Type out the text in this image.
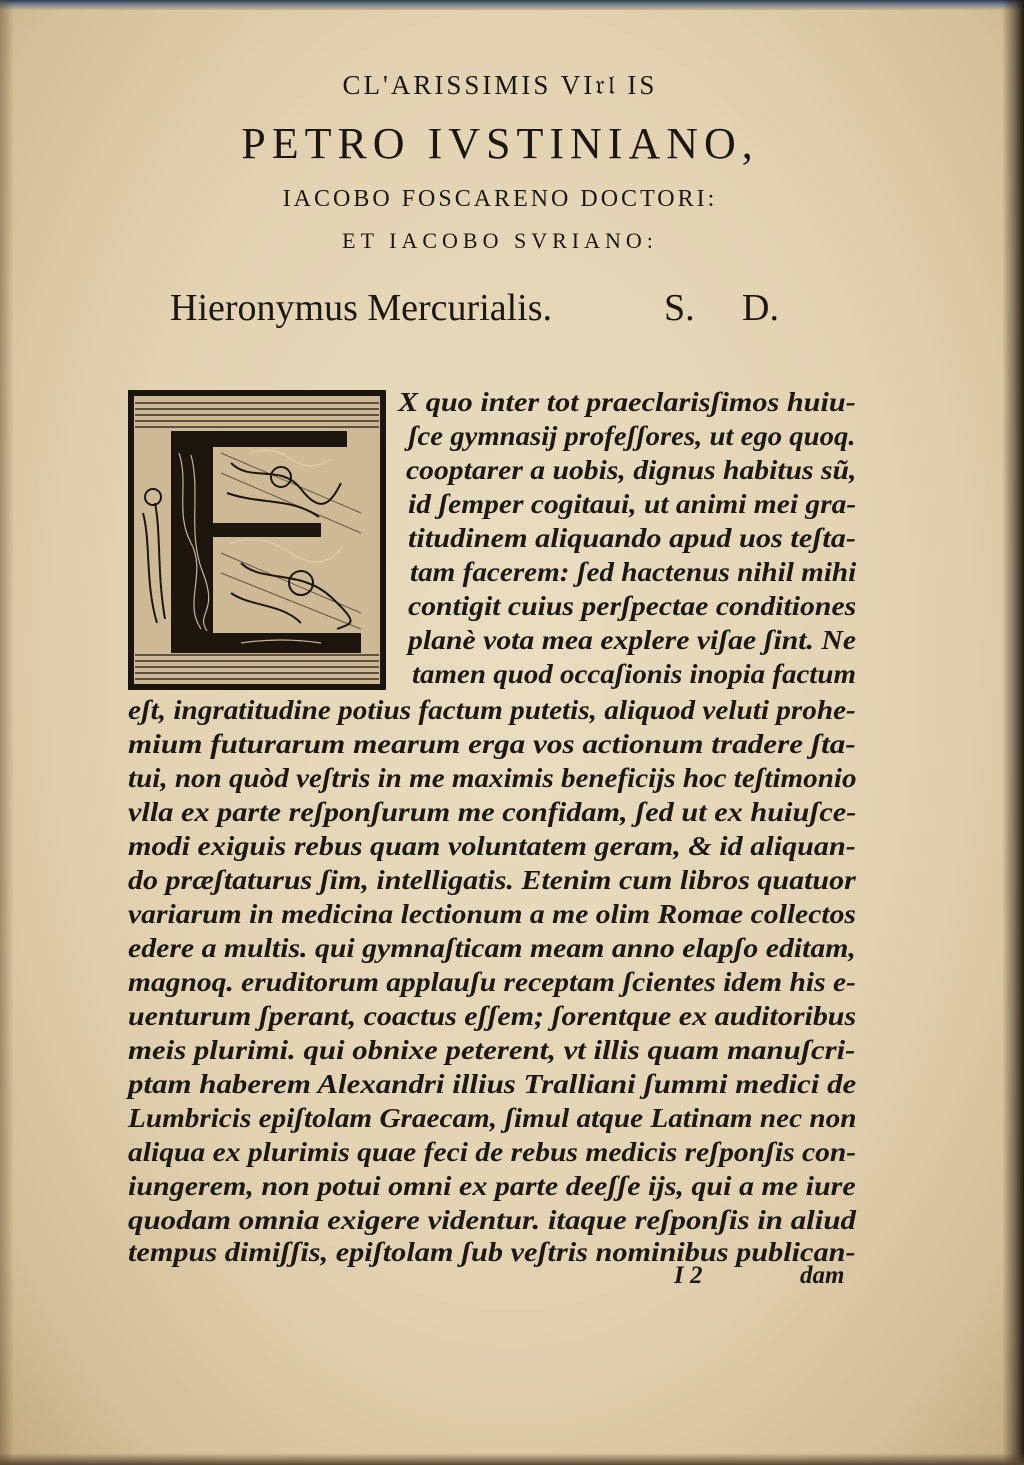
CL'ARISSIMIS VI𝔯𝔩 IS
PETRO IVSTINIANO,
IACOBO FOSCARENO DOCTORI:
ET IACOBO SVRIANO:
Hieronymus Mercurialis.	S. D.
X quo inter tot praeclarisʃimos huiu-
ʃce gymnasij profeʃʃores, ut ego quoq.
cooptarer a uobis, dignus habitus sũ,
id ʃemper cogitaui, ut animi mei gra-
titudinem aliquando apud uos teʃta-
tam facerem: ʃed hactenus nihil mihi
contigit cuius perʃpectae conditiones
planè vota mea explere viʃae ʃint. Ne
tamen quod occaʃionis inopia factum
eʃt, ingratitudine potius factum putetis, aliquod veluti prohe-
mium futurarum mearum erga vos actionum tradere ʃta-
tui, non quòd veʃtris in me maximis beneficijs hoc teʃtimonio
vlla ex parte reʃponʃurum me confidam, ʃed ut ex huiuʃce-
modi exiguis rebus quam voluntatem geram, & id aliquan-
do præʃtaturus ʃim, intelligatis. Etenim cum libros quatuor
variarum in medicina lectionum a me olim Romae collectos
edere a multis. qui gymnaʃticam meam anno elapʃo editam,
magnoq. eruditorum applauʃu receptam ʃcientes idem his e-
uenturum ʃperant, coactus eʃʃem; ʃorentque ex auditoribus
meis plurimi. qui obnixe peterent, vt illis quam manuʃcri-
ptam haberem Alexandri illius Tralliani ʃummi medici de
Lumbricis epiʃtolam Graecam, ʃimul atque Latinam nec non
aliqua ex plurimis quae feci de rebus medicis reʃponʃis con-
iungerem, non potui omni ex parte deeʃʃe ijs, qui a me iure
quodam omnia exigere videntur. itaque reʃponʃis in aliud
tempus dimiʃʃis, epiʃtolam ʃub veʃtris nominibus publican-
I 2	dam
